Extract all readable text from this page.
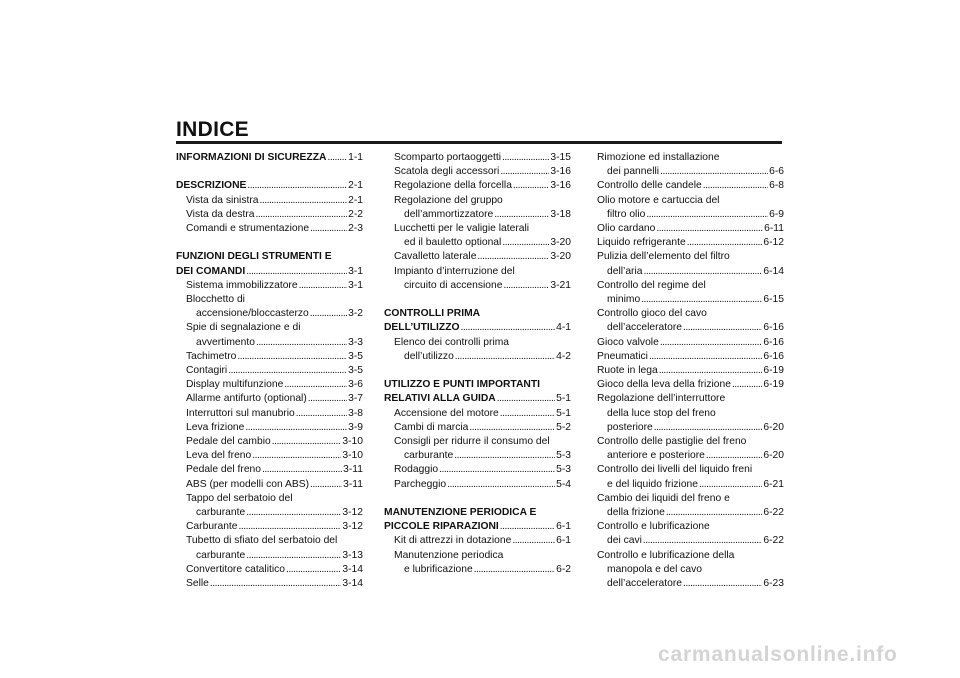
INDICE
INFORMAZIONI DI SICUREZZA ..... 1-1
DESCRIZIONE .....	2-1
Vista da sinistra .....	2-1
Vista da destra .....	2-2
Comandi e strumentazione .....	2-3
FUNZIONI DEGLI STRUMENTI E
DEI COMANDI .....	3-1
Sistema immobilizzatore .....	3-1
Blocchetto di
accensione/bloccasterzo .....	3-2
Spie di segnalazione e di
avvertimento .....	3-3
Tachimetro .....	3-5
Contagiri .....	3-5
Display multifunzione .....	3-6
Allarme antifurto (optional) .....	3-7
Interruttori sul manubrio .....	3-8
Leva frizione .....	3-9
Pedale del cambio .....	3-10
Leva del freno .....	3-10
Pedale del freno .....	3-11
ABS (per modelli con ABS) .....	3-11
Tappo del serbatoio del
carburante .....	3-12
Carburante .....	3-12
Tubetto di sfiato del serbatoio del
carburante .....	3-13
Convertitore catalitico .....	3-14
Selle .....	3-14
Scomparto portaoggetti .....	3-15
Scatola degli accessori .....	3-16
Regolazione della forcella .....	3-16
Regolazione del gruppo
dell’ammortizzatore .....	3-18
Lucchetti per le valigie laterali
ed il bauletto optional .....	3-20
Cavalletto laterale .....	3-20
Impianto d’interruzione del
circuito di accensione .....	3-21
CONTROLLI PRIMA
DELL’UTILIZZO .....	4-1
Elenco dei controlli prima
dell’utilizzo .....	4-2
UTILIZZO E PUNTI IMPORTANTI
RELATIVI ALLA GUIDA .....	5-1
Accensione del motore .....	5-1
Cambi di marcia .....	5-2
Consigli per ridurre il consumo del
carburante .....	5-3
Rodaggio .....	5-3
Parcheggio .....	5-4
MANUTENZIONE PERIODICA E
PICCOLE RIPARAZIONI .....	6-1
Kit di attrezzi in dotazione .....	6-1
Manutenzione periodica
e lubrificazione .....	6-2
Rimozione ed installazione
dei pannelli .....	6-6
Controllo delle candele .....	6-8
Olio motore e cartuccia del
filtro olio .....	6-9
Olio cardano .....	6-11
Liquido refrigerante .....	6-12
Pulizia dell’elemento del filtro
dell’aria .....	6-14
Controllo del regime del
minimo .....	6-15
Controllo gioco del cavo
dell’acceleratore .....	6-16
Gioco valvole .....	6-16
Pneumatici .....	6-16
Ruote in lega .....	6-19
Gioco della leva della frizione .....	6-19
Regolazione dell’interruttore
della luce stop del freno
posteriore .....	6-20
Controllo delle pastiglie del freno
anteriore e posteriore .....	6-20
Controllo dei livelli del liquido freni
e del liquido frizione .....	6-21
Cambio dei liquidi del freno e
della frizione .....	6-22
Controllo e lubrificazione
dei cavi .....	6-22
Controllo e lubrificazione della
manopola e del cavo
dell’acceleratore .....	6-23
carmanualsonline.info
